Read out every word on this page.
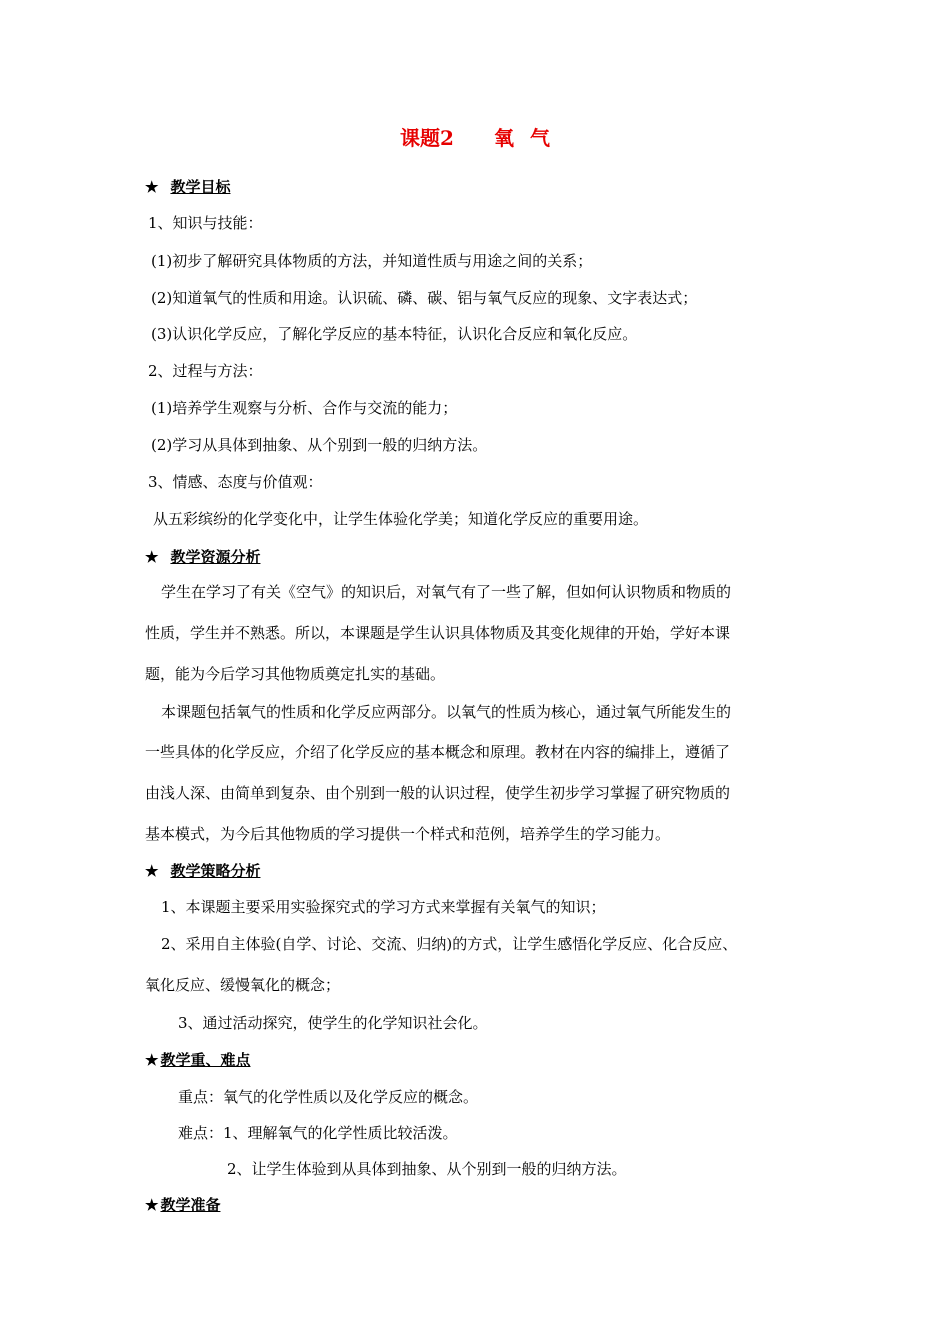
课题2 氧 气
★ 教学目标
1、知识与技能：
(1)初步了解研究具体物质的方法，并知道性质与用途之间的关系；
(2)知道氧气的性质和用途。认识硫、磷、碳、铝与氧气反应的现象、文字表达式；
(3)认识化学反应，了解化学反应的基本特征，认识化合反应和氧化反应。
2、过程与方法：
(1)培养学生观察与分析、合作与交流的能力；
(2)学习从具体到抽象、从个别到一般的归纳方法。
3、情感、态度与价值观：
从五彩缤纷的化学变化中，让学生体验化学美；知道化学反应的重要用途。
★ 教学资源分析
学生在学习了有关《空气》的知识后，对氧气有了一些了解，但如何认识物质和物质的
性质，学生并不熟悉。所以，本课题是学生认识具体物质及其变化规律的开始，学好本课
题，能为今后学习其他物质奠定扎实的基础。
本课题包括氧气的性质和化学反应两部分。以氧气的性质为核心，通过氧气所能发生的
一些具体的化学反应，介绍了化学反应的基本概念和原理。教材在内容的编排上，遵循了
由浅人深、由简单到复杂、由个别到一般的认识过程，使学生初步学习掌握了研究物质的
基本模式，为今后其他物质的学习提供一个样式和范例，培养学生的学习能力。
★ 教学策略分析
1、本课题主要采用实验探究式的学习方式来掌握有关氧气的知识；
2、采用自主体验(自学、讨论、交流、归纳)的方式，让学生感悟化学反应、化合反应、
氧化反应、缓慢氧化的概念；
3、通过活动探究，使学生的化学知识社会化。
★ 教学重、难点
重点：氧气的化学性质以及化学反应的概念。
难点：1、理解氧气的化学性质比较活泼。
2、让学生体验到从具体到抽象、从个别到一般的归纳方法。
★ 教学准备
